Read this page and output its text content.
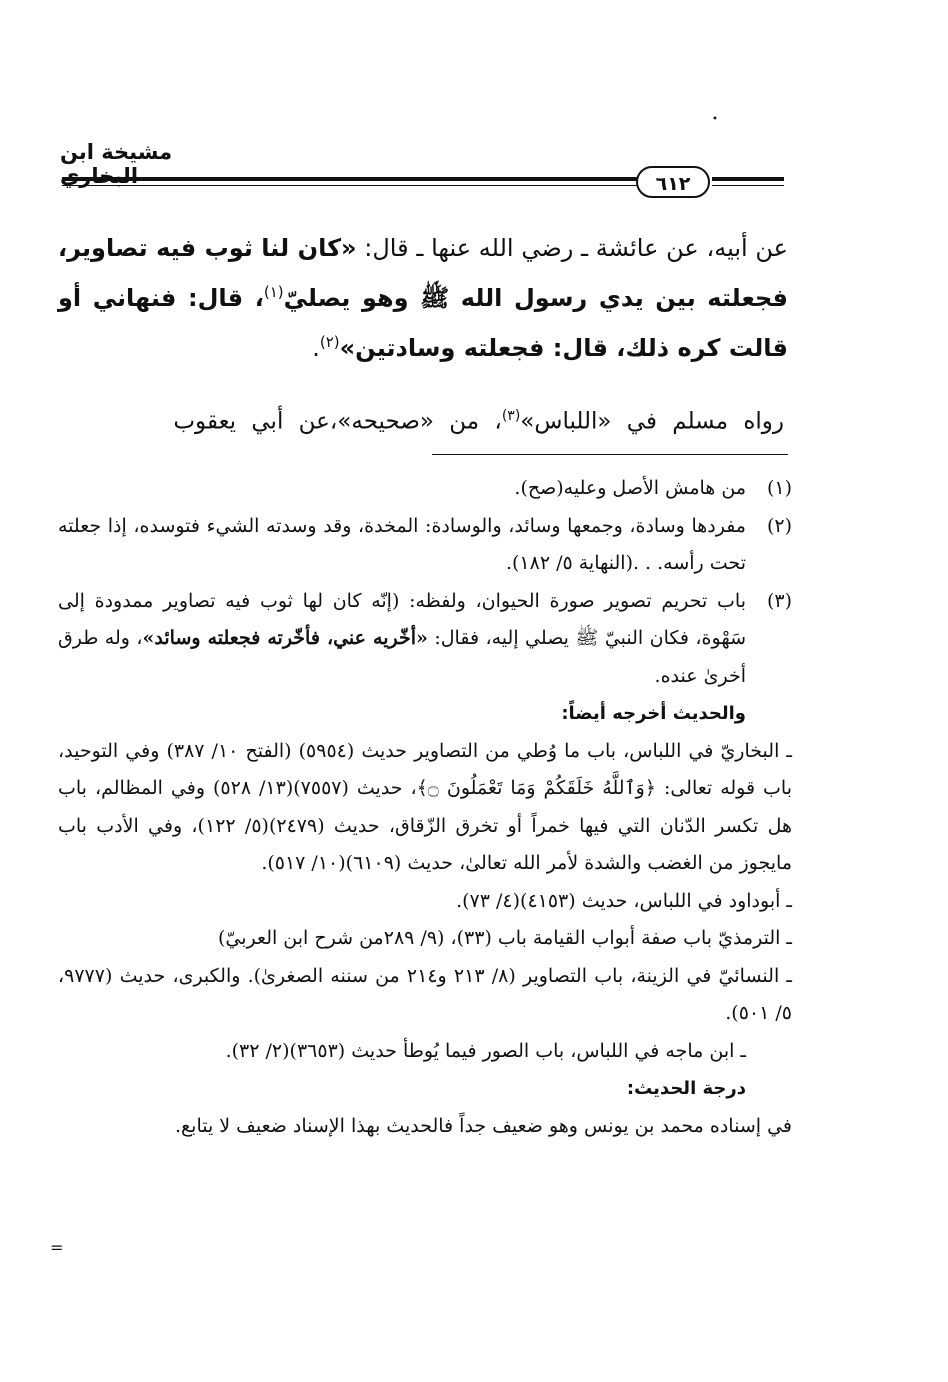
•
مشيخة ابن البخاري	٦١٢

عن أبيه، عن عائشة ـ رضي الله عنها ـ قال: «كان لنا ثوب فيه تصاوير، فجعلته بين يدي رسول الله ﷺ وهو يصليّ$^{(١)}$، قال: فنهاني أو قالت كره ذلك، قال: فجعلته وسادتين»$^{(٢)}$.

رواه مسلم في «اللباس»$^{(٣)}$، من «صحيحه»،عن أبي يعقوب
(١)
من هامش الأصل وعليه(صح).
(٢)
مفردها وسادة، وجمعها وسائد، والوسادة: المخدة، وقد وسدته الشيء فتوسده، إذا جعلته تحت رأسه. . .(النهاية ٥/ ١٨٢).
(٣)
باب تحريم تصوير صورة الحيوان، ولفظه: (إنّه كان لها ثوب فيه تصاوير ممدودة إلى سَهْوة، فكان النبيّ ﷺ يصلي إليه، فقال: «أخّريه عني، فأخّرته فجعلته وسائد»، وله طرق أخرىٰ عنده.
والحديث أخرجه أيضاً:
ـ البخاريّ في اللباس، باب ما وُطي من التصاوير حديث (٥٩٥٤) (الفتح ١٠/ ٣٨٧) وفي التوحيد، باب قوله تعالى: ﴿وَٱللَّهُ خَلَقَكُمْ وَمَا تَعْمَلُونَ ۝﴾، حديث (٧٥٥٧)(١٣/ ٥٢٨) وفي المظالم، باب هل تكسر الدّنان التي فيها خمراً أو تخرق الزّقاق، حديث (٢٤٧٩)(٥/ ١٢٢)، وفي الأدب باب مايجوز من الغضب والشدة لأمر الله تعالىٰ، حديث (٦١٠٩)(١٠/ ٥١٧).
ـ أبوداود في اللباس، حديث (٤١٥٣)(٤/ ٧٣).
ـ الترمذيّ باب صفة أبواب القيامة باب (٣٣)، (٩/ ٢٨٩من شرح ابن العربيّ)
ـ النسائيّ في الزينة، باب التصاوير (٨/ ٢١٣ و٢١٤ من سننه الصغرىٰ). والكبرى، حديث (٩٧٧٧، ٥/ ٥٠١).
ـ ابن ماجه في اللباس، باب الصور فيما يُوطأ حديث (٣٦٥٣)(٢/ ٣٢).
درجة الحديث:
في إسناده محمد بن يونس وهو ضعيف جداً فالحديث بهذا الإسناد ضعيف لا يتابع.
=
